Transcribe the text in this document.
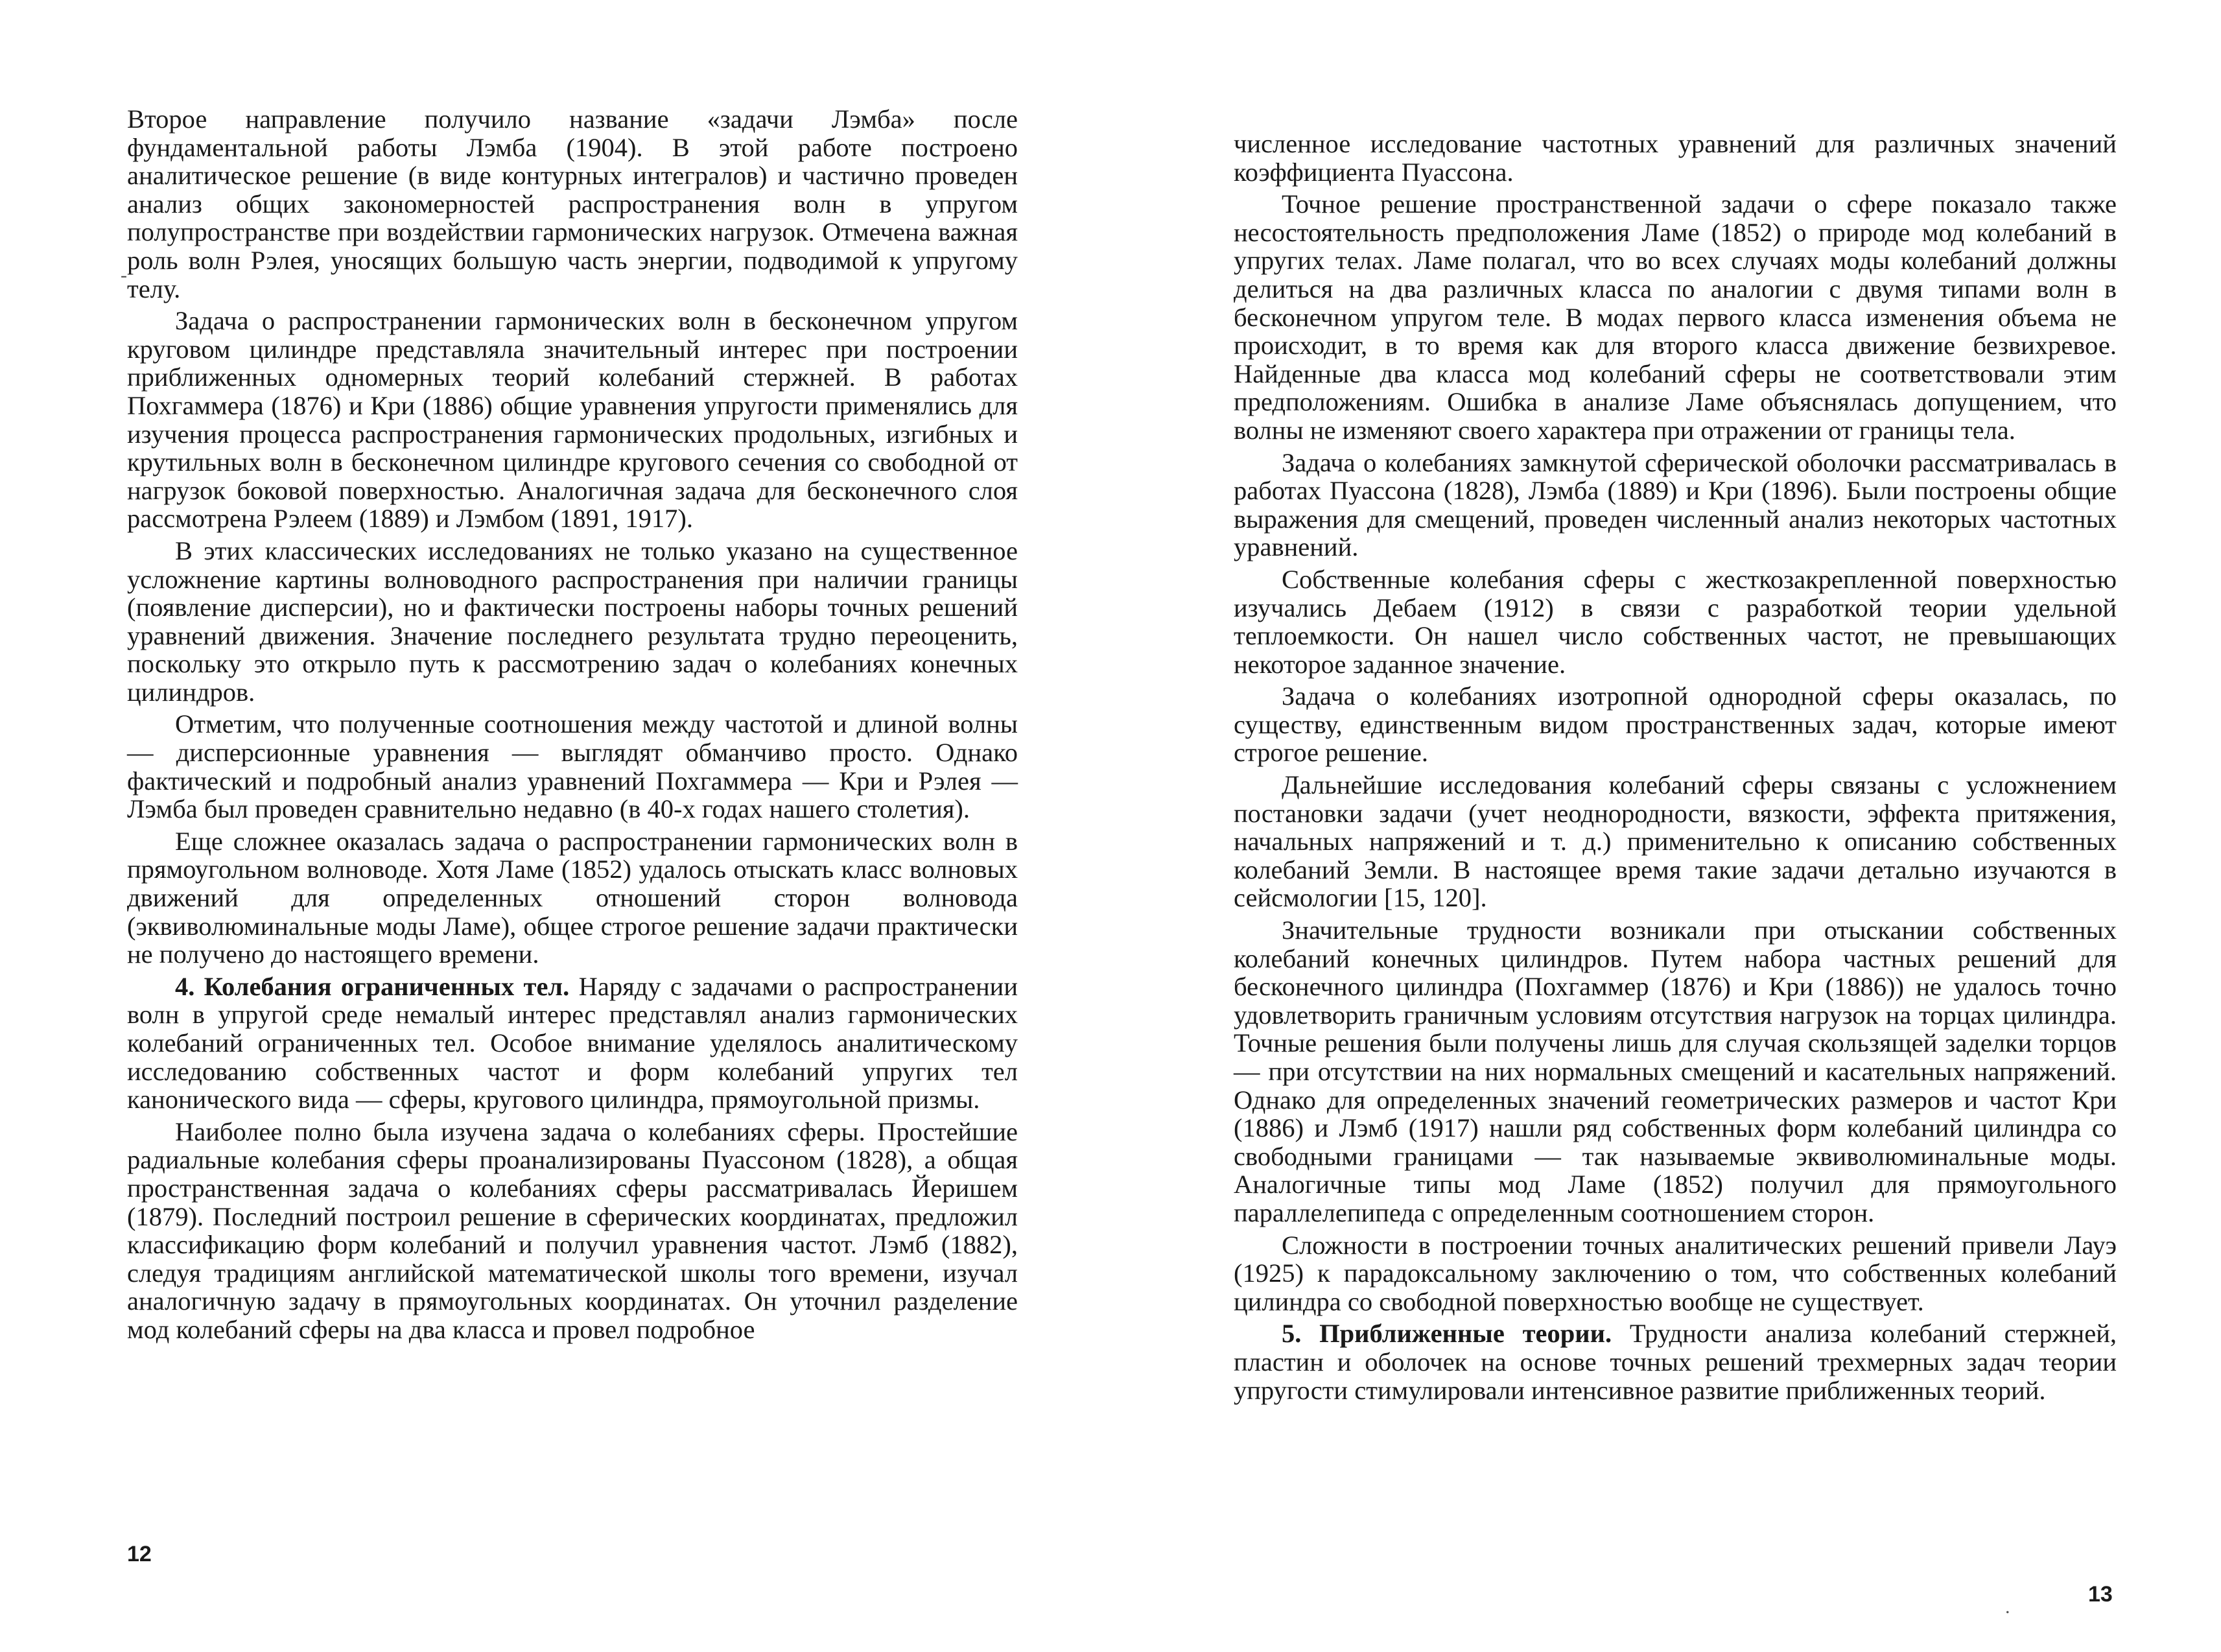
Второе направление получило название «задачи Лэмба» после фундаментальной работы Лэмба (1904). В этой работе построено аналитическое решение (в виде контурных интегралов) и частично проведен анализ общих закономерностей распространения волн в упругом полупространстве при воздействии гармонических нагрузок. Отмечена важная роль волн Рэлея, уносящих большую часть энергии, подводимой к упругому телу.

Задача о распространении гармонических волн в бесконечном упругом круговом цилиндре представляла значительный интерес при построении приближенных одномерных теорий колебаний стержней. В работах Похгаммера (1876) и Кри (1886) общие уравнения упругости применялись для изучения процесса распространения гармонических продольных, изгибных и крутильных волн в бесконечном цилиндре кругового сечения со свободной от нагрузок боковой поверхностью. Аналогичная задача для бесконечного слоя рассмотрена Рэлеем (1889) и Лэмбом (1891, 1917).

В этих классических исследованиях не только указано на существенное усложнение картины волноводного распространения при наличии границы (появление дисперсии), но и фактически построены наборы точных решений уравнений движения. Значение последнего результата трудно переоценить, поскольку это открыло путь к рассмотрению задач о колебаниях конечных цилиндров.

Отметим, что полученные соотношения между частотой и длиной волны — дисперсионные уравнения — выглядят обманчиво просто. Однако фактический и подробный анализ уравнений Похгаммера — Кри и Рэлея — Лэмба был проведен сравнительно недавно (в 40-х годах нашего столетия).

Еще сложнее оказалась задача о распространении гармонических волн в прямоугольном волноводе. Хотя Ламе (1852) удалось отыскать класс волновых движений для определенных отношений сторон волновода (эквиволюминальные моды Ламе), общее строгое решение задачи практически не получено до настоящего времени.

4. Колебания ограниченных тел. Наряду с задачами о распространении волн в упругой среде немалый интерес представлял анализ гармонических колебаний ограниченных тел. Особое внимание уделялось аналитическому исследованию собственных частот и форм колебаний упругих тел канонического вида — сферы, кругового цилиндра, прямоугольной призмы.

Наиболее полно была изучена задача о колебаниях сферы. Простейшие радиальные колебания сферы проанализированы Пуассоном (1828), а общая пространственная задача о колебаниях сферы рассматривалась Йеришем (1879). Последний построил решение в сферических координатах, предложил классификацию форм колебаний и получил уравнения частот. Лэмб (1882), следуя традициям английской математической школы того времени, изучал аналогичную задачу в прямоугольных координатах. Он уточнил разделение мод колебаний сферы на два класса и провел подробное

-
12

численное исследование частотных уравнений для различных значений коэффициента Пуассона.

Точное решение пространственной задачи о сфере показало также несостоятельность предположения Ламе (1852) о природе мод колебаний в упругих телах. Ламе полагал, что во всех случаях моды колебаний должны делиться на два различных класса по аналогии с двумя типами волн в бесконечном упругом теле. В модах первого класса изменения объема не происходит, в то время как для второго класса движение безвихревое. Найденные два класса мод колебаний сферы не соответствовали этим предположениям. Ошибка в анализе Ламе объяснялась допущением, что волны не изменяют своего характера при отражении от границы тела.

Задача о колебаниях замкнутой сферической оболочки рассматривалась в работах Пуассона (1828), Лэмба (1889) и Кри (1896). Были построены общие выражения для смещений, проведен численный анализ некоторых частотных уравнений.

Собственные колебания сферы с жесткозакрепленной поверхностью изучались Дебаем (1912) в связи с разработкой теории удельной теплоемкости. Он нашел число собственных частот, не превышающих некоторое заданное значение.

Задача о колебаниях изотропной однородной сферы оказалась, по существу, единственным видом пространственных задач, которые имеют строгое решение.

Дальнейшие исследования колебаний сферы связаны с усложнением постановки задачи (учет неоднородности, вязкости, эффекта притяжения, начальных напряжений и т. д.) применительно к описанию собственных колебаний Земли. В настоящее время такие задачи детально изучаются в сейсмологии [15, 120].

Значительные трудности возникали при отыскании собственных колебаний конечных цилиндров. Путем набора частных решений для бесконечного цилиндра (Похгаммер (1876) и Кри (1886)) не удалось точно удовлетворить граничным условиям отсутствия нагрузок на торцах цилиндра. Точные решения были получены лишь для случая скользящей заделки торцов — при отсутствии на них нормальных смещений и касательных напряжений. Однако для определенных значений геометрических размеров и частот Кри (1886) и Лэмб (1917) нашли ряд собственных форм колебаний цилиндра со свободными границами — так называемые эквиволюминальные моды. Аналогичные типы мод Ламе (1852) получил для прямоугольного параллелепипеда с определенным соотношением сторон.

Сложности в построении точных аналитических решений привели Лауэ (1925) к парадоксальному заключению о том, что собственных колебаний цилиндра со свободной поверхностью вообще не существует.

5. Приближенные теории. Трудности анализа колебаний стержней, пластин и оболочек на основе точных решений трехмерных задач теории упругости стимулировали интенсивное развитие приближенных теорий.

.
13
